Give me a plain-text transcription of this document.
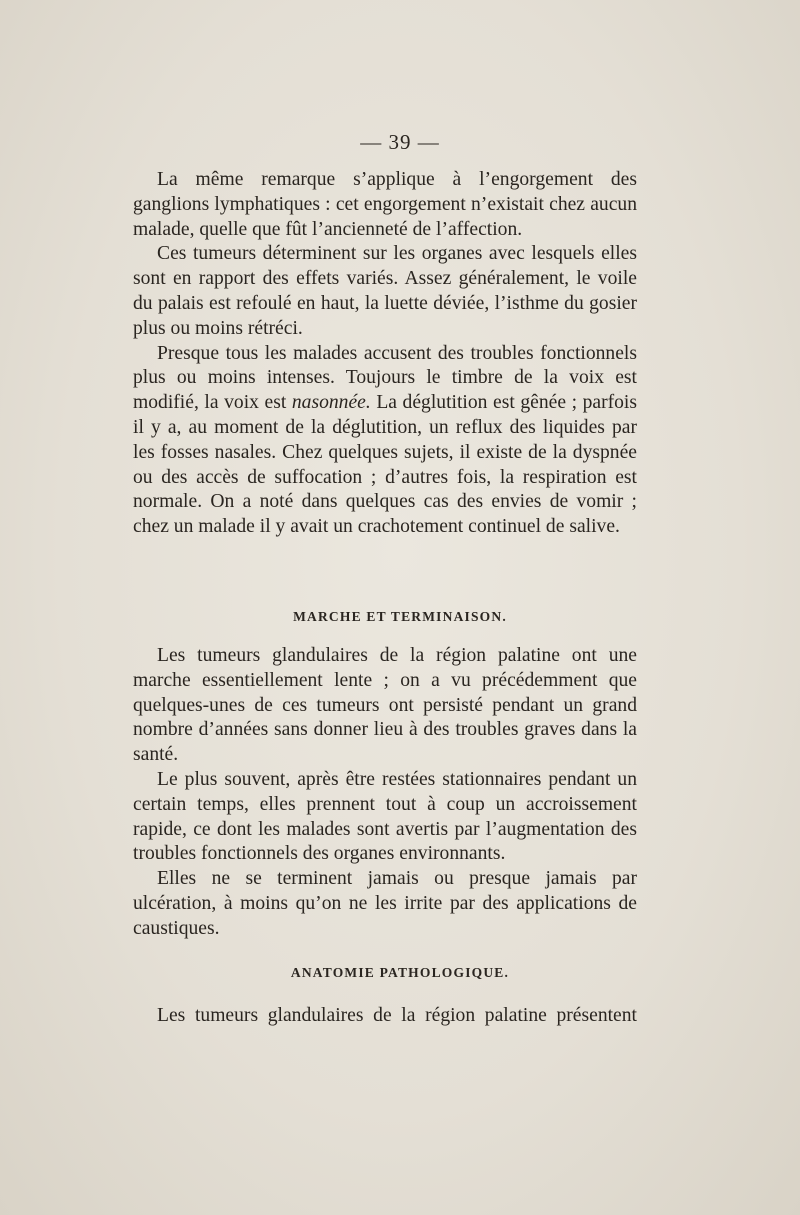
— 39 —

La même remarque s’applique à l’engorgement des ganglions lymphatiques : cet engorgement n’existait chez aucun malade, quelle que fût l’ancienneté de l’affection.

Ces tumeurs déterminent sur les organes avec lesquels elles sont en rapport des effets variés. Assez généralement, le voile du palais est refoulé en haut, la luette déviée, l’isthme du gosier plus ou moins rétréci.

Presque tous les malades accusent des troubles fonctionnels plus ou moins intenses. Toujours le timbre de la voix est modifié, la voix est nasonnée. La déglutition est gênée ; parfois il y a, au moment de la déglutition, un reflux des liquides par les fosses nasales. Chez quelques sujets, il existe de la dyspnée ou des accès de suffocation ; d’autres fois, la respiration est normale. On a noté dans quelques cas des envies de vomir ; chez un malade il y avait un crachotement continuel de salive.

MARCHE ET TERMINAISON.

Les tumeurs glandulaires de la région palatine ont une marche essentiellement lente ; on a vu précédemment que quelques-unes de ces tumeurs ont persisté pendant un grand nombre d’années sans donner lieu à des troubles graves dans la santé.

Le plus souvent, après être restées stationnaires pendant un certain temps, elles prennent tout à coup un accroissement rapide, ce dont les malades sont avertis par l’augmentation des troubles fonctionnels des organes environnants.

Elles ne se terminent jamais ou presque jamais par ulcération, à moins qu’on ne les irrite par des applications de caustiques.

ANATOMIE PATHOLOGIQUE.

Les tumeurs glandulaires de la région palatine présentent
